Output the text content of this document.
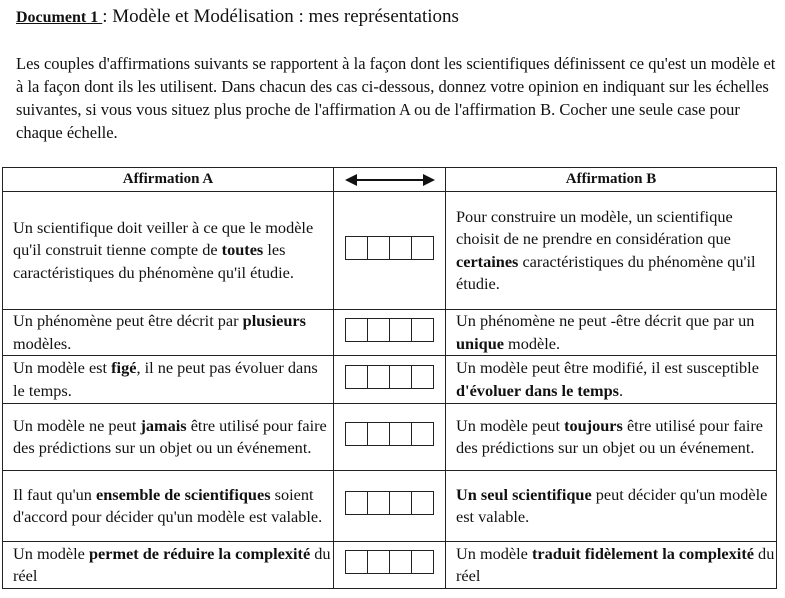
Document 1 : Modèle et Modélisation : mes représentations
Les couples d'affirmations suivants se rapportent à la façon dont les scientifiques définissent ce qu'est un modèle et à la façon dont ils les utilisent. Dans chacun des cas ci-dessous, donnez votre opinion en indiquant sur les échelles suivantes, si vous vous situez plus proche de l'affirmation A ou de l'affirmation B. Cocher une seule case pour chaque échelle.
Affirmation A		Affirmation B
Un scientifique doit veiller à ce que le modèle qu'il construit tienne compte de toutes les caractéristiques du phénomène qu'il étudie.		Pour construire un modèle, un scientifique choisit de ne prendre en considération que certaines caractéristiques du phénomène qu'il étudie.
Un phénomène peut être décrit par plusieurs modèles.		Un phénomène ne peut -être décrit que par un unique modèle.
Un modèle est figé, il ne peut pas évoluer dans le temps.		Un modèle peut être modifié, il est susceptible d'évoluer dans le temps.
Un modèle ne peut jamais être utilisé pour faire des prédictions sur un objet ou un événement.		Un modèle peut toujours être utilisé pour faire des prédictions sur un objet ou un événement.
Il faut qu'un ensemble de scientifiques soient d'accord pour décider qu'un modèle est valable.		Un seul scientifique peut décider qu'un modèle est valable.
Un modèle permet de réduire la complexité du réel		Un modèle traduit fidèlement la complexité du réel
